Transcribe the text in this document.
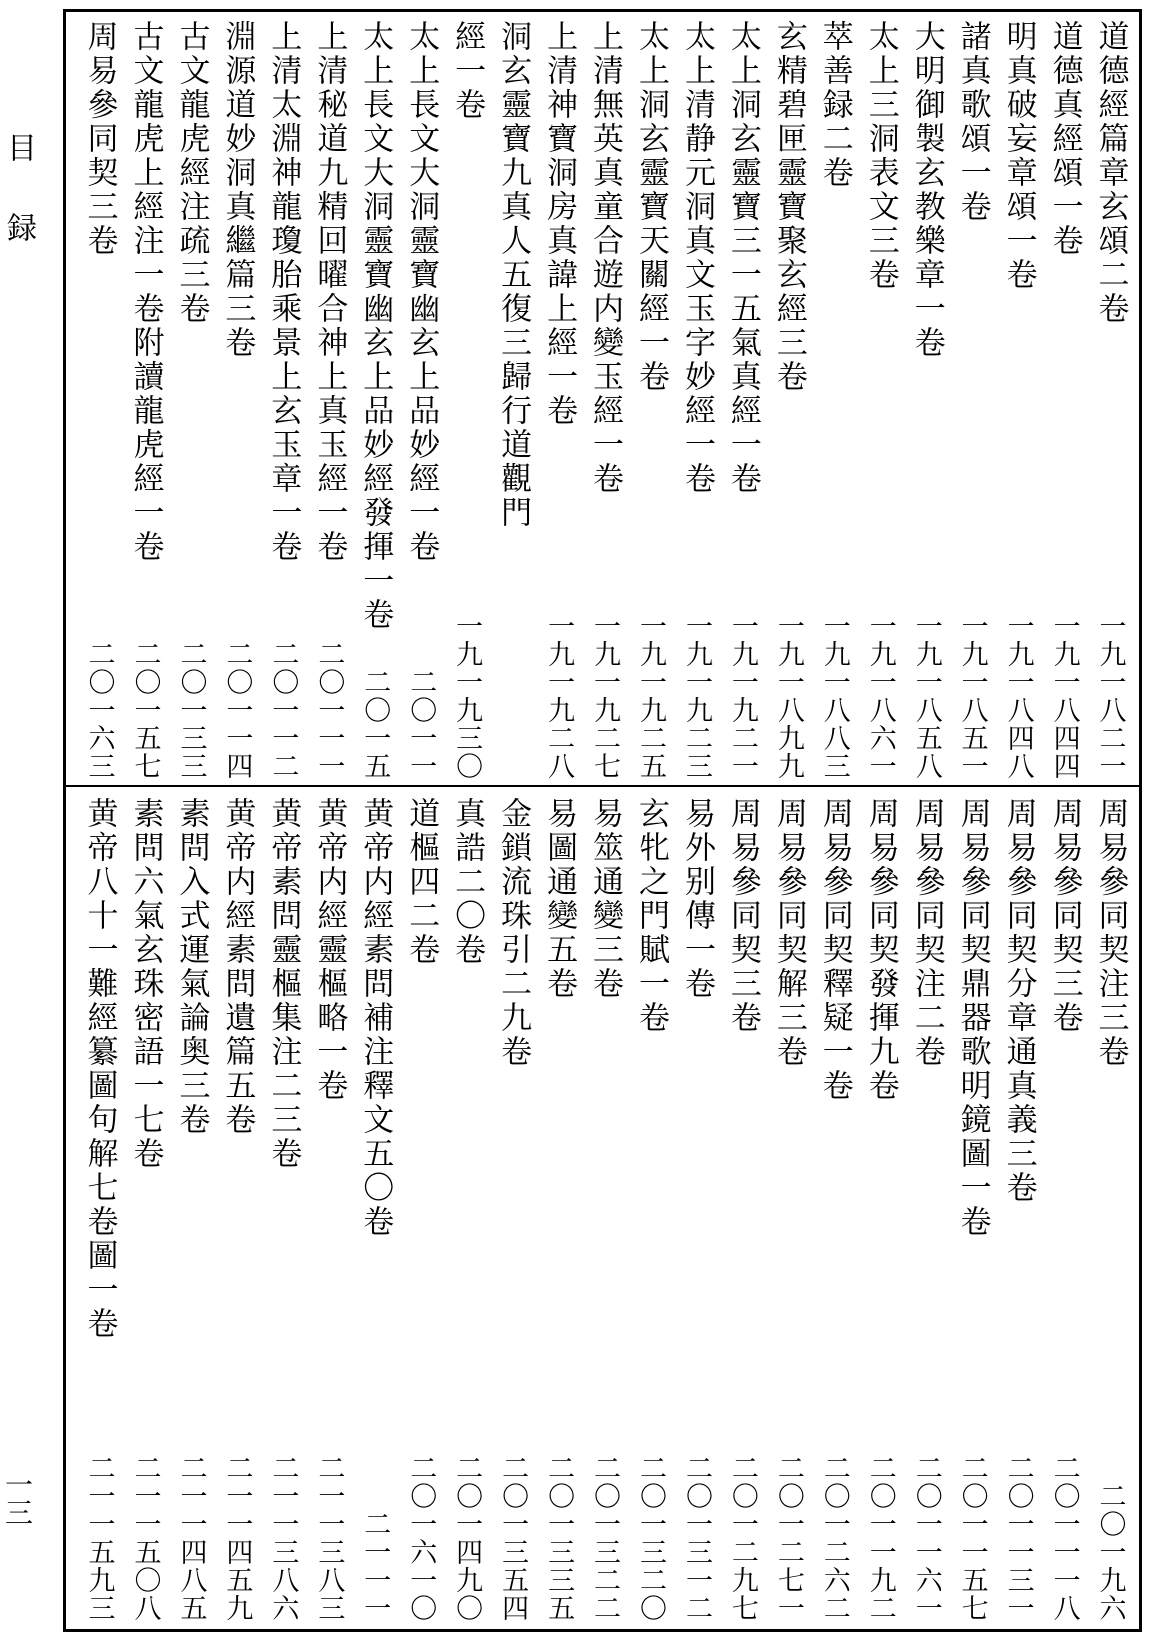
目録
一三
道德經篇章玄頌二卷
一九一八二一
道德真經頌一卷
一九一八四四
明真破妄章頌一卷
一九一八四八
諸真歌頌一卷
一九一八五一
大明御製玄教樂章一卷
一九一八五八
太上三洞表文三卷
一九一八六一
萃善録二卷
一九一八八三
玄精碧匣靈寶聚玄經三卷
一九一八九九
太上洞玄靈寶三一五氣真經一卷
一九一九二一
太上清静元洞真文玉字妙經一卷
一九一九二三
太上洞玄靈寶天關經一卷
一九一九二五
上清無英真童合遊内變玉經一卷
一九一九二七
上清神寶洞房真諱上經一卷
一九一九二八
洞玄靈寶九真人五復三歸行道觀門
經一卷
一九一九三〇
太上長文大洞靈寶幽玄上品妙經一卷
二〇一一
太上長文大洞靈寶幽玄上品妙經發揮一卷
二〇一五
上清秘道九精回曜合神上真玉經一卷
二〇一一一
上清太淵神龍瓊胎乘景上玄玉章一卷
二〇一一二
淵源道妙洞真繼篇三卷
二〇一一四
古文龍虎經注疏三卷
二〇一三三
古文龍虎上經注一卷附讀龍虎經一卷
二〇一五七
周易參同契三卷
二〇一六三
周易參同契注三卷
二〇一九六
周易參同契三卷
二〇一一一八
周易參同契分章通真義三卷
二〇一一三一
周易參同契鼎器歌明鏡圖一卷
二〇一一五七
周易參同契注二卷
二〇一一六一
周易參同契發揮九卷
二〇一一九二
周易參同契釋疑一卷
二〇一二六二
周易參同契解三卷
二〇一二七一
周易參同契三卷
二〇一二九七
易外别傳一卷
二〇一三一二
玄牝之門賦一卷
二〇一三二〇
易筮通變三卷
二〇一三二二
易圖通變五卷
二〇一三三五
金鎖流珠引二九卷
二〇一三五四
真誥二〇卷
二〇一四九〇
道樞四二卷
二〇一六一〇
黄帝内經素問補注釋文五〇卷
二一一一
黄帝内經靈樞略一卷
二一一三八三
黄帝素問靈樞集注二三卷
二一一三八六
黄帝内經素問遺篇五卷
二一一四五九
素問入式運氣論奥三卷
二一一四八五
素問六氣玄珠密語一七卷
二一一五〇八
黄帝八十一難經纂圖句解七卷圖一卷
二一一五九三
